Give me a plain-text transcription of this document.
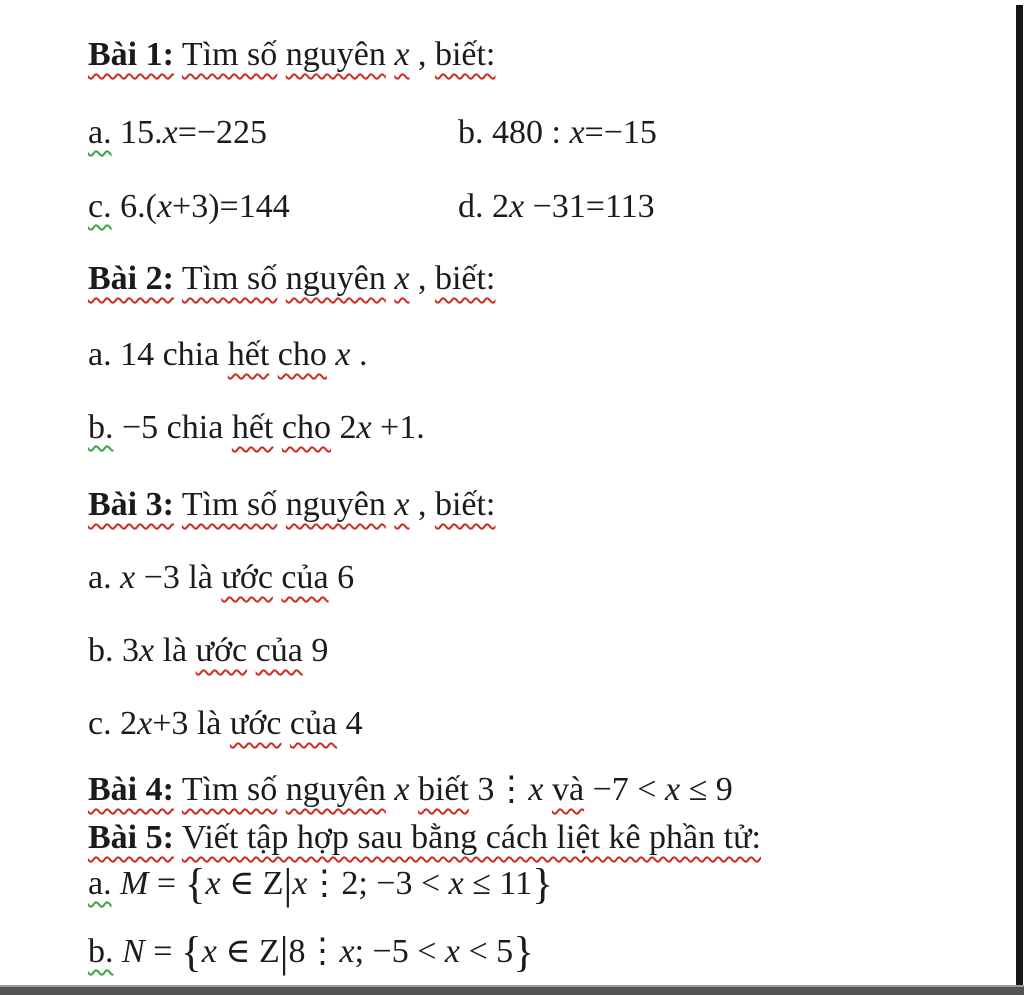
Bài 1: Tìm số nguyên x , biết:
a. 15.x=−225	b. 480 : x=−15
c. 6.(x+3)=144	d. 2x −31=113
Bài 2: Tìm số nguyên x , biết:
a. 14 chia hết cho x .
b. −5 chia hết cho 2x +1.
Bài 3: Tìm số nguyên x , biết:
a. x −3 là ước của 6
b. 3x là ước của 9
c. 2x+3 là ước của 4
Bài 4: Tìm số nguyên x biết 3⋮x và −7 < x ≤ 9
Bài 5: Viết tập hợp sau bằng cách liệt kê phần tử:
a. M = {x ∈ Z|x⋮2; −3 < x ≤ 11}
b. N = {x ∈ Z|8⋮x; −5 < x < 5}
